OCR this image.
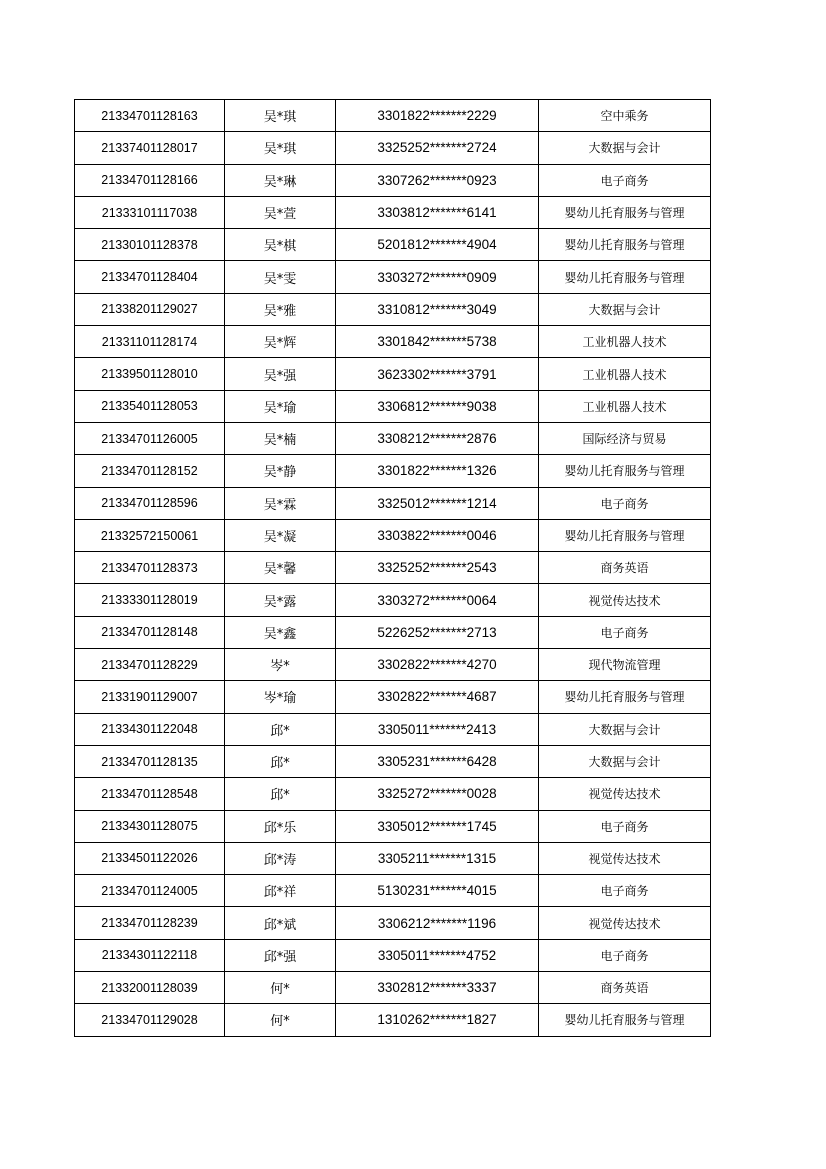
21334701128163	吴*琪	3301822*******2229	空中乘务
21337401128017	吴*琪	3325252*******2724	大数据与会计
21334701128166	吴*琳	3307262*******0923	电子商务
21333101117038	吴*萱	3303812*******6141	婴幼儿托育服务与管理
21330101128378	吴*棋	5201812*******4904	婴幼儿托育服务与管理
21334701128404	吴*雯	3303272*******0909	婴幼儿托育服务与管理
21338201129027	吴*雅	3310812*******3049	大数据与会计
21331101128174	吴*辉	3301842*******5738	工业机器人技术
21339501128010	吴*强	3623302*******3791	工业机器人技术
21335401128053	吴*瑜	3306812*******9038	工业机器人技术
21334701126005	吴*楠	3308212*******2876	国际经济与贸易
21334701128152	吴*静	3301822*******1326	婴幼儿托育服务与管理
21334701128596	吴*霖	3325012*******1214	电子商务
21332572150061	吴*凝	3303822*******0046	婴幼儿托育服务与管理
21334701128373	吴*馨	3325252*******2543	商务英语
21333301128019	吴*露	3303272*******0064	视觉传达技术
21334701128148	吴*鑫	5226252*******2713	电子商务
21334701128229	岑*	3302822*******4270	现代物流管理
21331901129007	岑*瑜	3302822*******4687	婴幼儿托育服务与管理
21334301122048	邱*	3305011*******2413	大数据与会计
21334701128135	邱*	3305231*******6428	大数据与会计
21334701128548	邱*	3325272*******0028	视觉传达技术
21334301128075	邱*乐	3305012*******1745	电子商务
21334501122026	邱*涛	3305211*******1315	视觉传达技术
21334701124005	邱*祥	5130231*******4015	电子商务
21334701128239	邱*斌	3306212*******1196	视觉传达技术
21334301122118	邱*强	3305011*******4752	电子商务
21332001128039	何*	3302812*******3337	商务英语
21334701129028	何*	1310262*******1827	婴幼儿托育服务与管理
